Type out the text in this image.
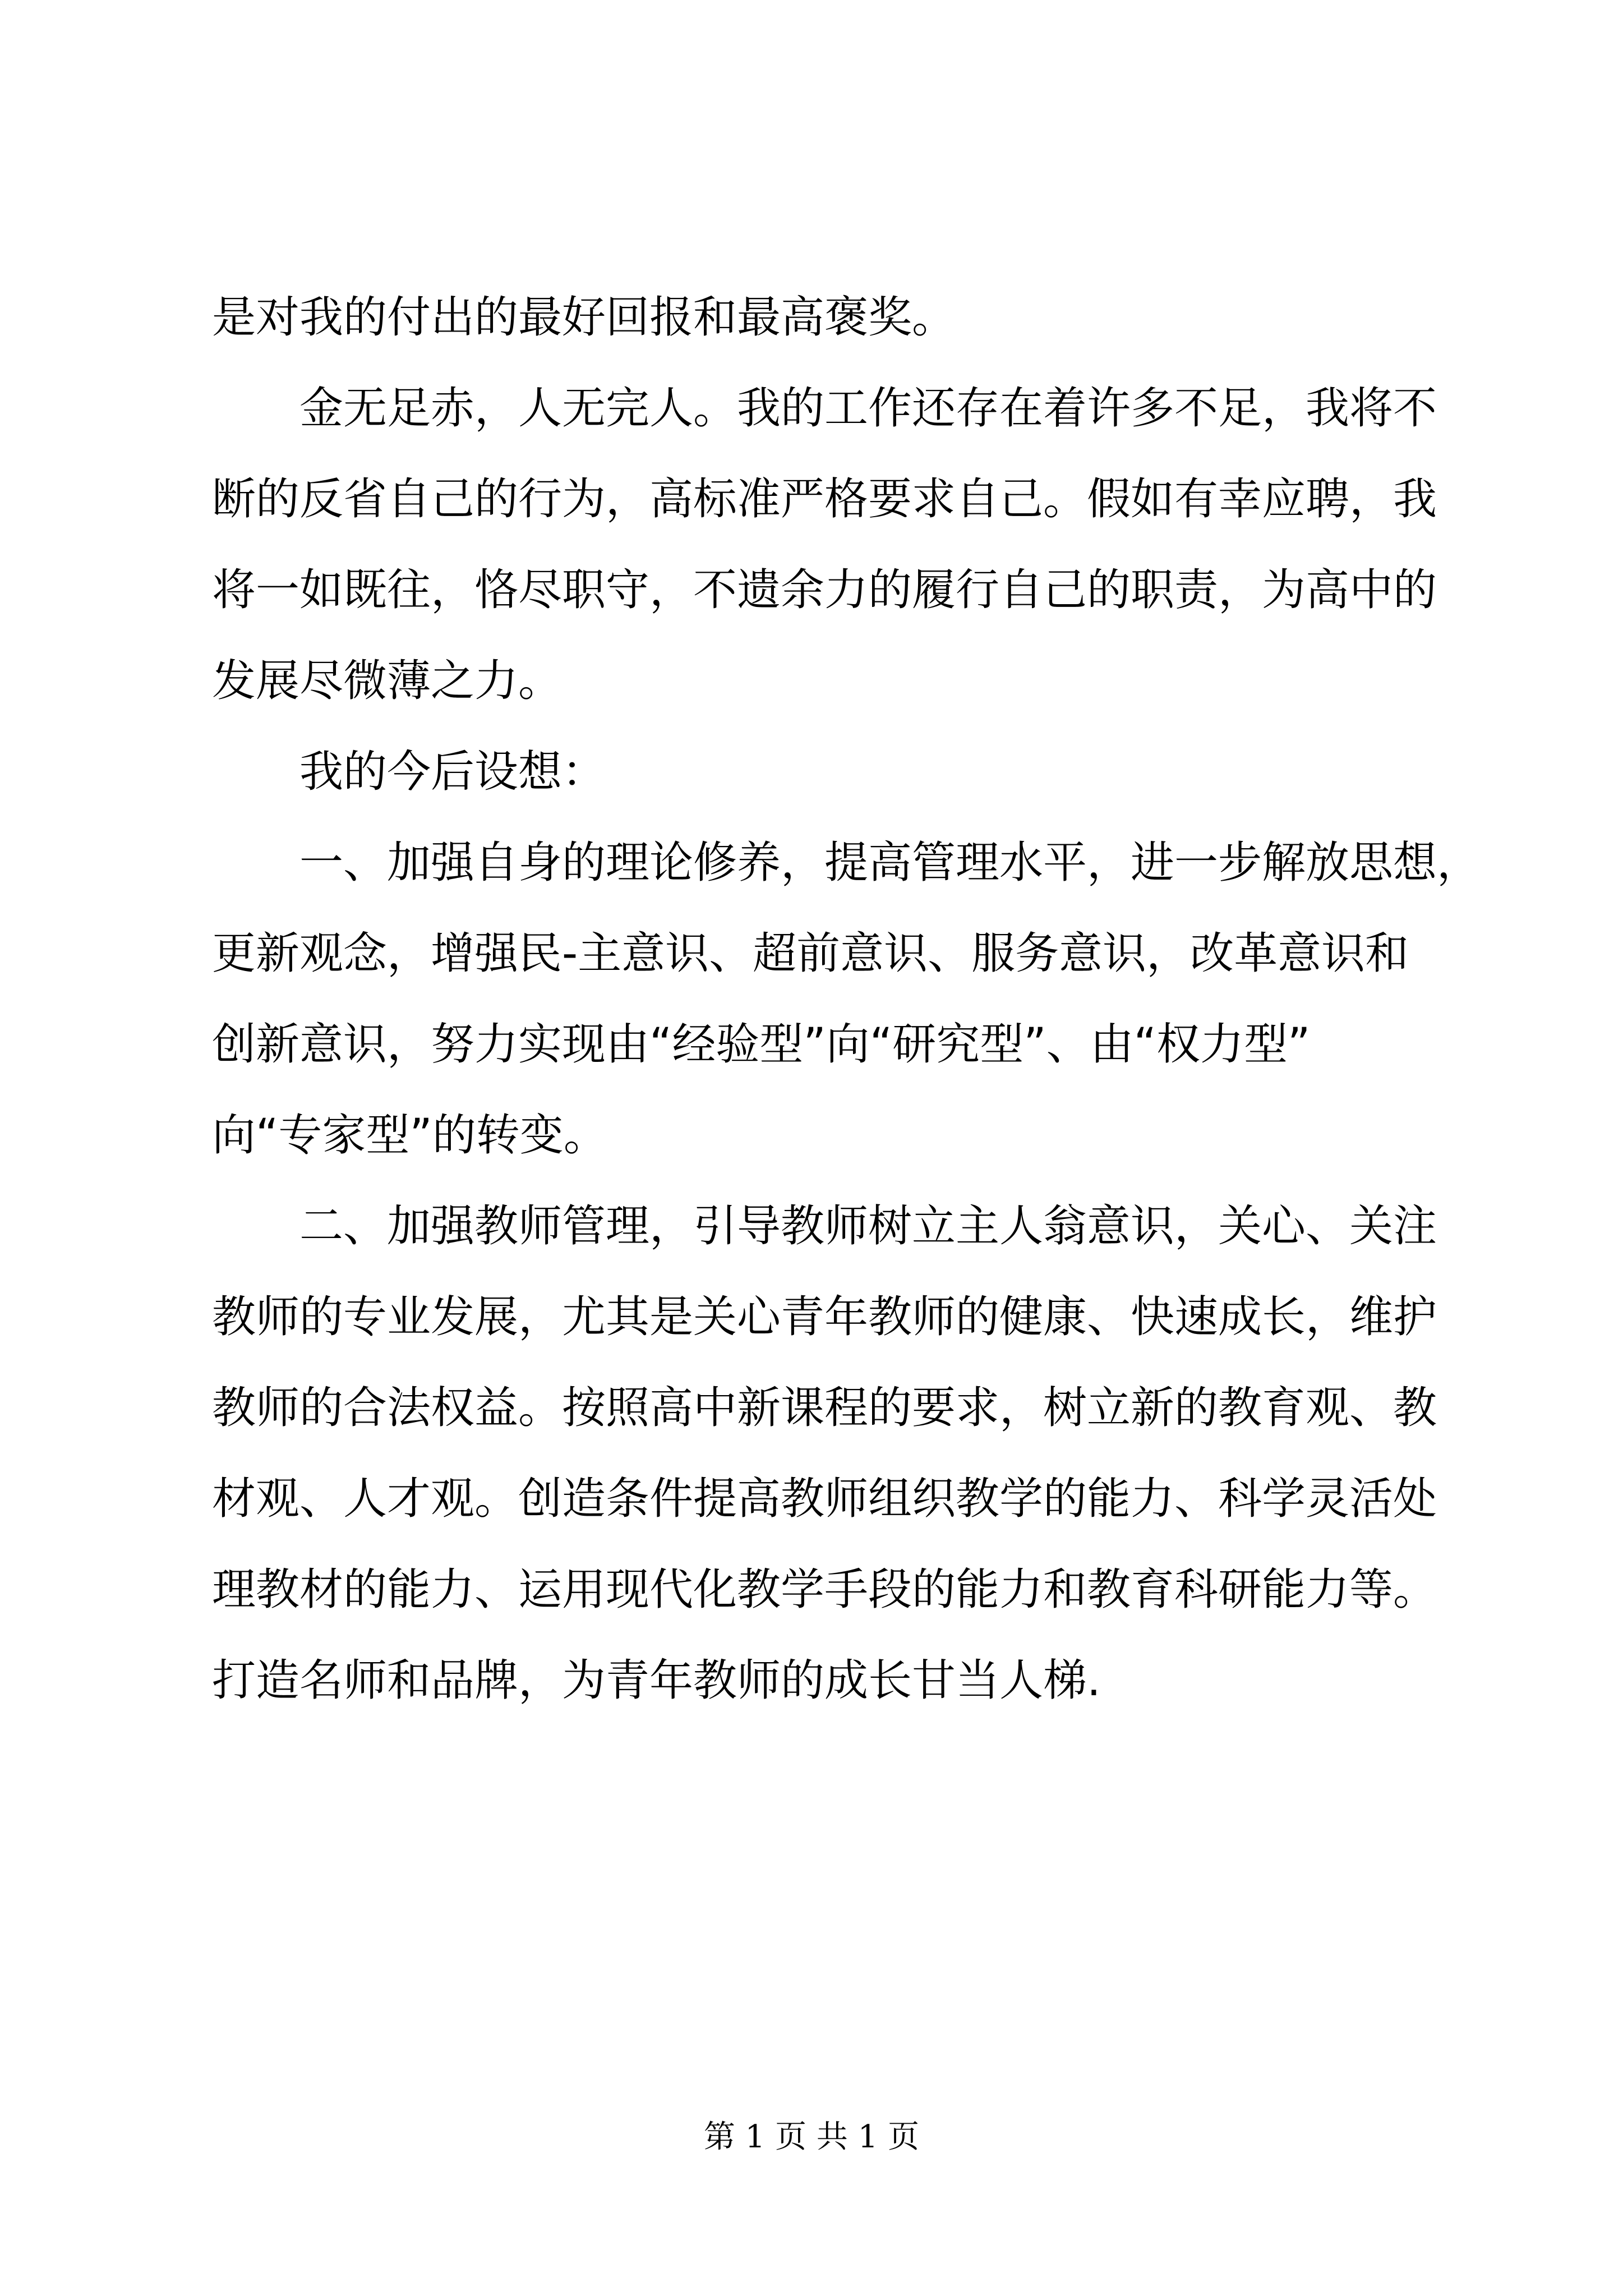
是对我的付出的最好回报和最高褒奖。
金无足赤，人无完人。我的工作还存在着许多不足，我将不
断的反省自己的行为，高标准严格要求自己。假如有幸应聘，我
将一如既往，恪尽职守，不遗余力的履行自己的职责，为高中的
发展尽微薄之力。
我的今后设想：
一、加强自身的理论修养，提高管理水平，进一步解放思想，
更新观念，增强民-主意识、超前意识、服务意识，改革意识和
创新意识，努力实现由“经验型”向“研究型”、由“权力型”
向“专家型”的转变。
二、加强教师管理，引导教师树立主人翁意识，关心、关注
教师的专业发展，尤其是关心青年教师的健康、快速成长，维护
教师的合法权益。按照高中新课程的要求，树立新的教育观、教
材观、人才观。创造条件提高教师组织教学的能力、科学灵活处
理教材的能力、运用现代化教学手段的能力和教育科研能力等。
打造名师和品牌，为青年教师的成长甘当人梯.
第 1 页 共 1 页
